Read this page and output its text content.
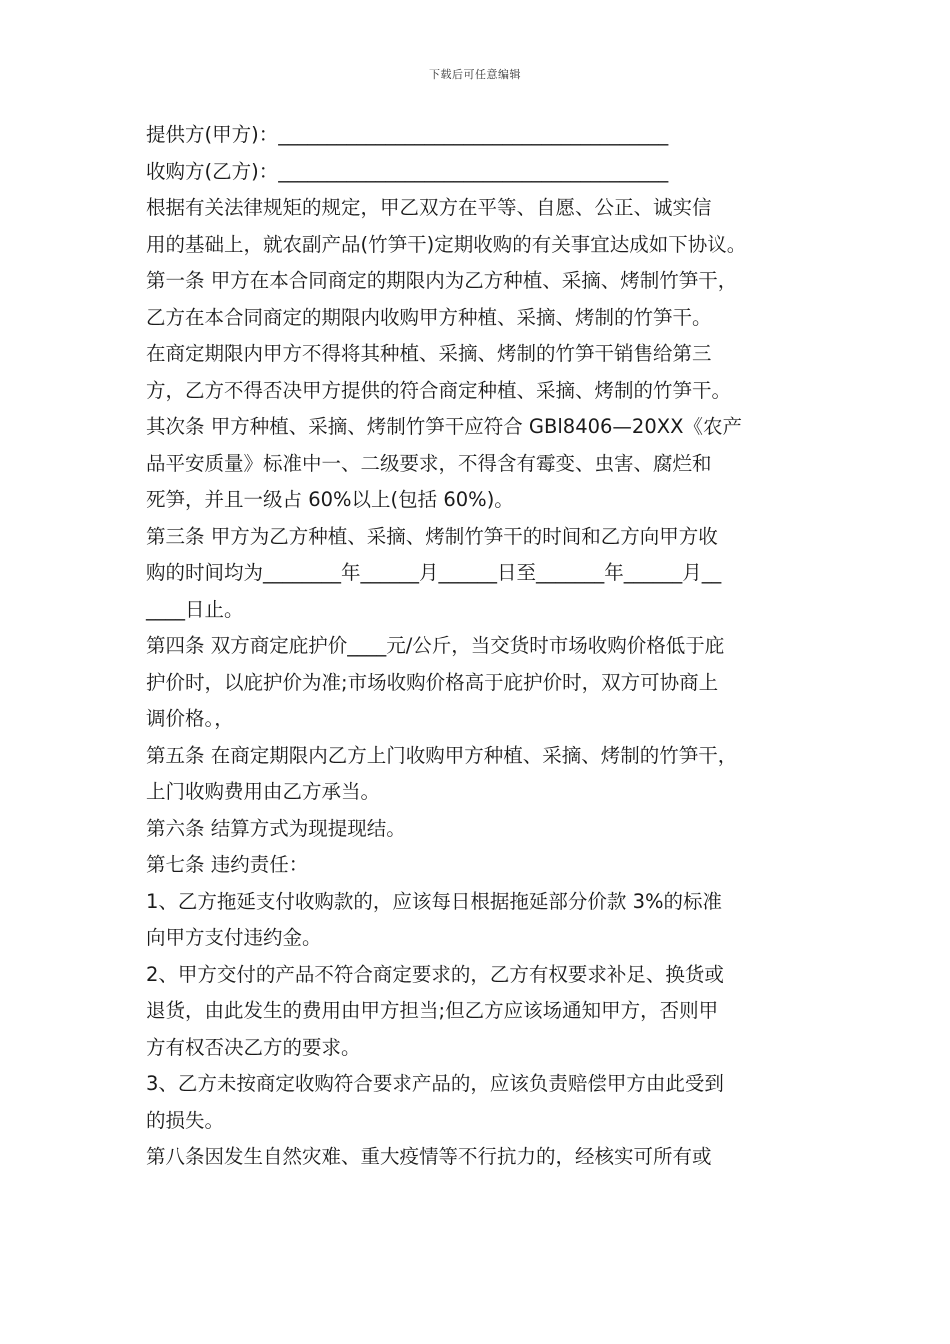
下载后可任意编辑
提供方(甲方)：________________________________________
收购方(乙方)：________________________________________
根据有关法律规矩的规定，甲乙双方在平等、自愿、公正、诚实信
用的基础上，就农副产品(竹笋干)定期收购的有关事宜达成如下协议。
第一条 甲方在本合同商定的期限内为乙方种植、采摘、烤制竹笋干，
乙方在本合同商定的期限内收购甲方种植、采摘、烤制的竹笋干。
在商定期限内甲方不得将其种植、采摘、烤制的竹笋干销售给第三
方，乙方不得否决甲方提供的符合商定种植、采摘、烤制的竹笋干。
其次条 甲方种植、采摘、烤制竹笋干应符合 GBl8406—20XX《农产
品平安质量》标准中一、二级要求，不得含有霉变、虫害、腐烂和
死笋，并且一级占 60%以上(包括 60%)。
第三条 甲方为乙方种植、采摘、烤制竹笋干的时间和乙方向甲方收
购的时间均为________年______月______日至_______年______月__
____日止。
第四条 双方商定庇护价____元/公斤，当交货时市场收购价格低于庇
护价时，以庇护价为准;市场收购价格高于庇护价时，双方可协商上
调价格。，
第五条 在商定期限内乙方上门收购甲方种植、采摘、烤制的竹笋干，
上门收购费用由乙方承当。
第六条 结算方式为现提现结。
第七条 违约责任：
1、乙方拖延支付收购款的，应该每日根据拖延部分价款 3%的标准
向甲方支付违约金。
2、甲方交付的产品不符合商定要求的，乙方有权要求补足、换货或
退货，由此发生的费用由甲方担当;但乙方应该场通知甲方，否则甲
方有权否决乙方的要求。
3、乙方未按商定收购符合要求产品的，应该负责赔偿甲方由此受到
的损失。
第八条因发生自然灾难、重大疫情等不行抗力的，经核实可所有或
